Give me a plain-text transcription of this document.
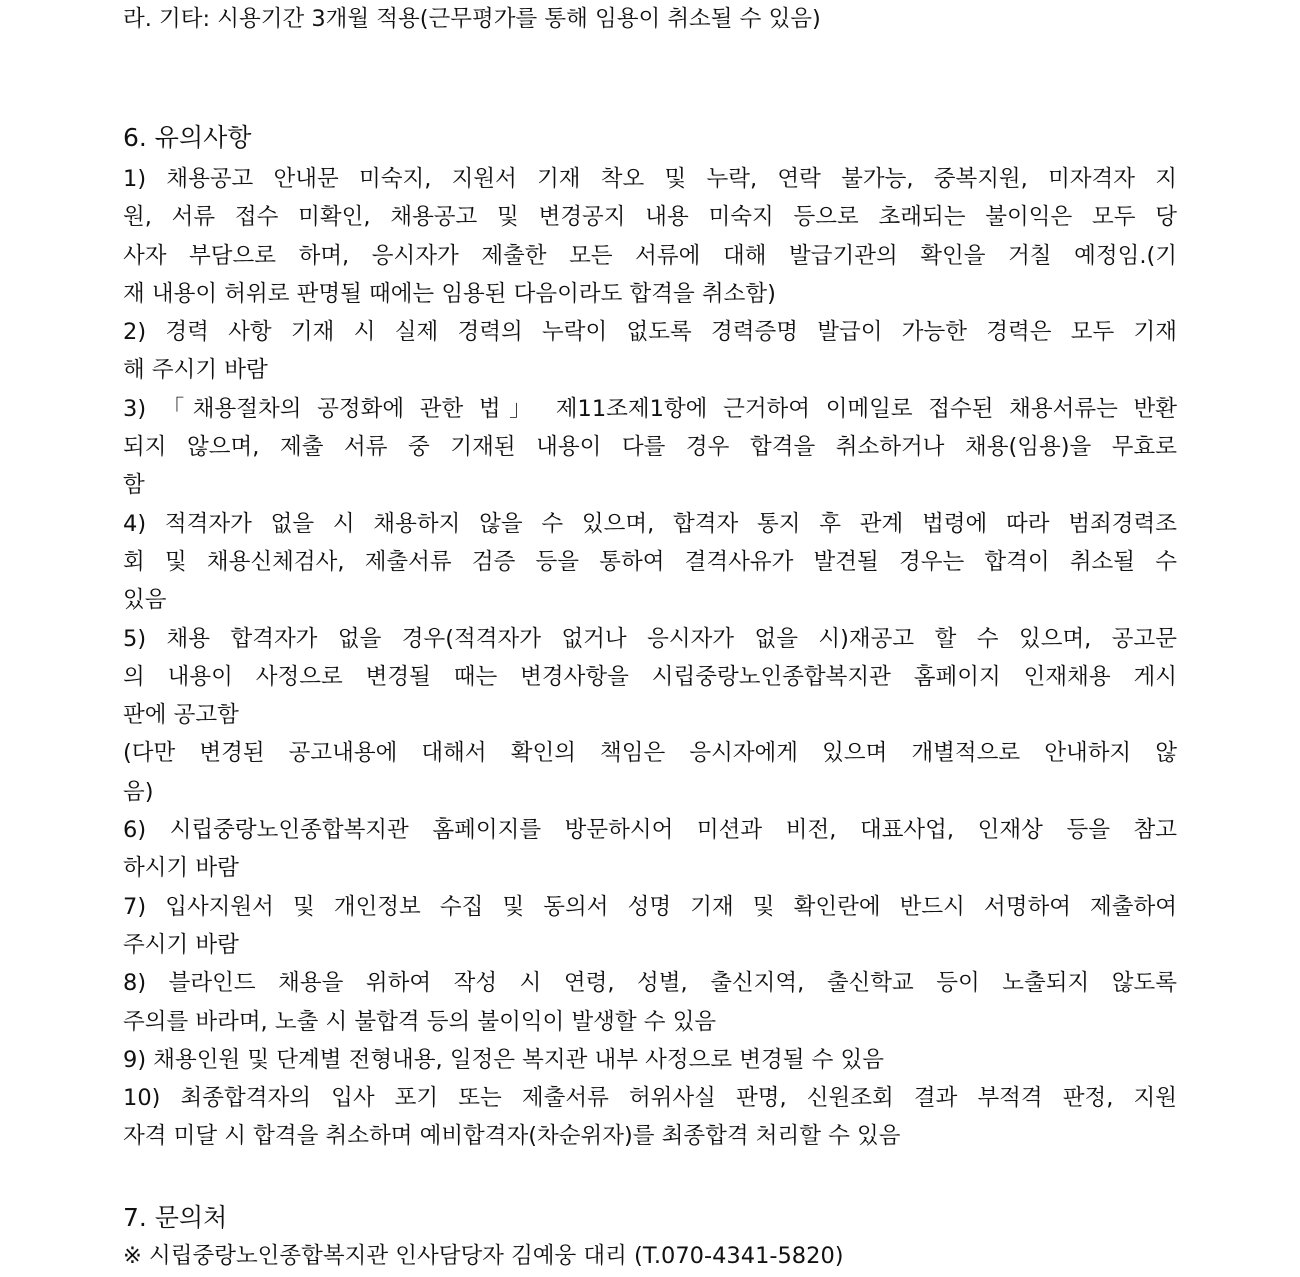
라. 기타: 시용기간 3개월 적용(근무평가를 통해 임용이 취소될 수 있음)
6. 유의사항
1) 채용공고 안내문 미숙지, 지원서 기재 착오 및 누락, 연락 불가능, 중복지원, 미자격자 지
원, 서류 접수 미확인, 채용공고 및 변경공지 내용 미숙지 등으로 초래되는 불이익은 모두 당
사자 부담으로 하며, 응시자가 제출한 모든 서류에 대해 발급기관의 확인을 거칠 예정임.(기
재 내용이 허위로 판명될 때에는 임용된 다음이라도 합격을 취소함)
2) 경력 사항 기재 시 실제 경력의 누락이 없도록 경력증명 발급이 가능한 경력은 모두 기재
해 주시기 바람
3) 「채용절차의 공정화에 관한 법」 제11조제1항에 근거하여 이메일로 접수된 채용서류는 반환
되지 않으며, 제출 서류 중 기재된 내용이 다를 경우 합격을 취소하거나 채용(임용)을 무효로
함
4) 적격자가 없을 시 채용하지 않을 수 있으며, 합격자 통지 후 관계 법령에 따라 범죄경력조
회 및 채용신체검사, 제출서류 검증 등을 통하여 결격사유가 발견될 경우는 합격이 취소될 수
있음
5) 채용 합격자가 없을 경우(적격자가 없거나 응시자가 없을 시)재공고 할 수 있으며, 공고문
의 내용이 사정으로 변경될 때는 변경사항을 시립중랑노인종합복지관 홈페이지 인재채용 게시
판에 공고함
(다만 변경된 공고내용에 대해서 확인의 책임은 응시자에게 있으며 개별적으로 안내하지 않
음)
6) 시립중랑노인종합복지관 홈페이지를 방문하시어 미션과 비전, 대표사업, 인재상 등을 참고
하시기 바람
7) 입사지원서 및 개인정보 수집 및 동의서 성명 기재 및 확인란에 반드시 서명하여 제출하여
주시기 바람
8) 블라인드 채용을 위하여 작성 시 연령, 성별, 출신지역, 출신학교 등이 노출되지 않도록
주의를 바라며, 노출 시 불합격 등의 불이익이 발생할 수 있음
9) 채용인원 및 단계별 전형내용, 일정은 복지관 내부 사정으로 변경될 수 있음
10) 최종합격자의 입사 포기 또는 제출서류 허위사실 판명, 신원조회 결과 부적격 판정, 지원
자격 미달 시 합격을 취소하며 예비합격자(차순위자)를 최종합격 처리할 수 있음
7. 문의처
※ 시립중랑노인종합복지관 인사담당자 김예웅 대리 (T.070-4341-5820)
